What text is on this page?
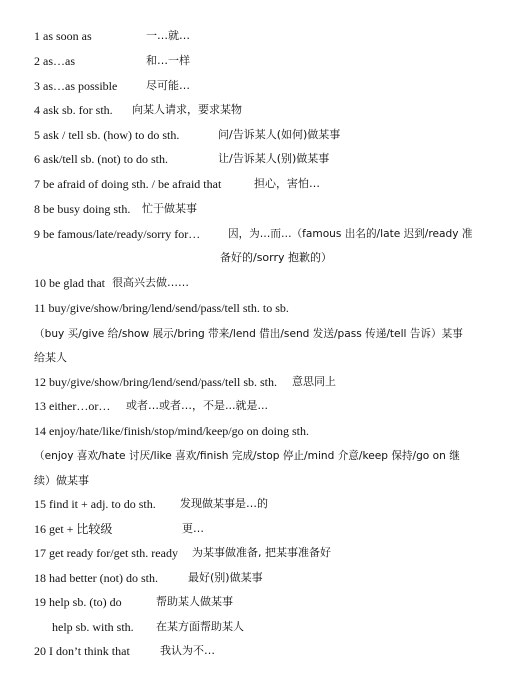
1 as soon as	一…就…
2 as…as	和…一样
3 as…as possible	尽可能…
4 ask sb. for sth. 向某人请求，要求某物
5 ask / tell sb. (how) to do sth.	问/告诉某人(如何)做某事
6 ask/tell sb. (not) to do sth.	让/告诉某人(别)做某事
7 be afraid of doing sth. / be afraid that	担心，害怕…
8 be busy doing sth. 忙于做某事
9 be famous/late/ready/sorry for…	因，为…而…（famous 出名的/late 迟到/ready 准
备好的/sorry 抱歉的）
10 be glad that 很高兴去做……
11 buy/give/show/bring/lend/send/pass/tell sth. to sb.
（buy 买/give 给/show 展示/bring 带来/lend 借出/send 发送/pass 传递/tell 告诉）某事
给某人
12 buy/give/show/bring/lend/send/pass/tell sb. sth. 意思同上
13 either…or… 或者…或者…，不是...就是...
14 enjoy/hate/like/finish/stop/mind/keep/go on doing sth.
（enjoy 喜欢/hate 讨厌/like 喜欢/finish 完成/stop 停止/mind 介意/keep 保持/go on 继
续）做某事
15 find it + adj. to do sth. 发现做某事是…的
16 get + 比较级	更…
17 get ready for/get sth. ready 为某事做准备, 把某事准备好
18 had better (not) do sth.	最好(别)做某事
19 help sb. (to) do	帮助某人做某事
help sb. with sth. 在某方面帮助某人
20 I don’t think that	我认为不…
